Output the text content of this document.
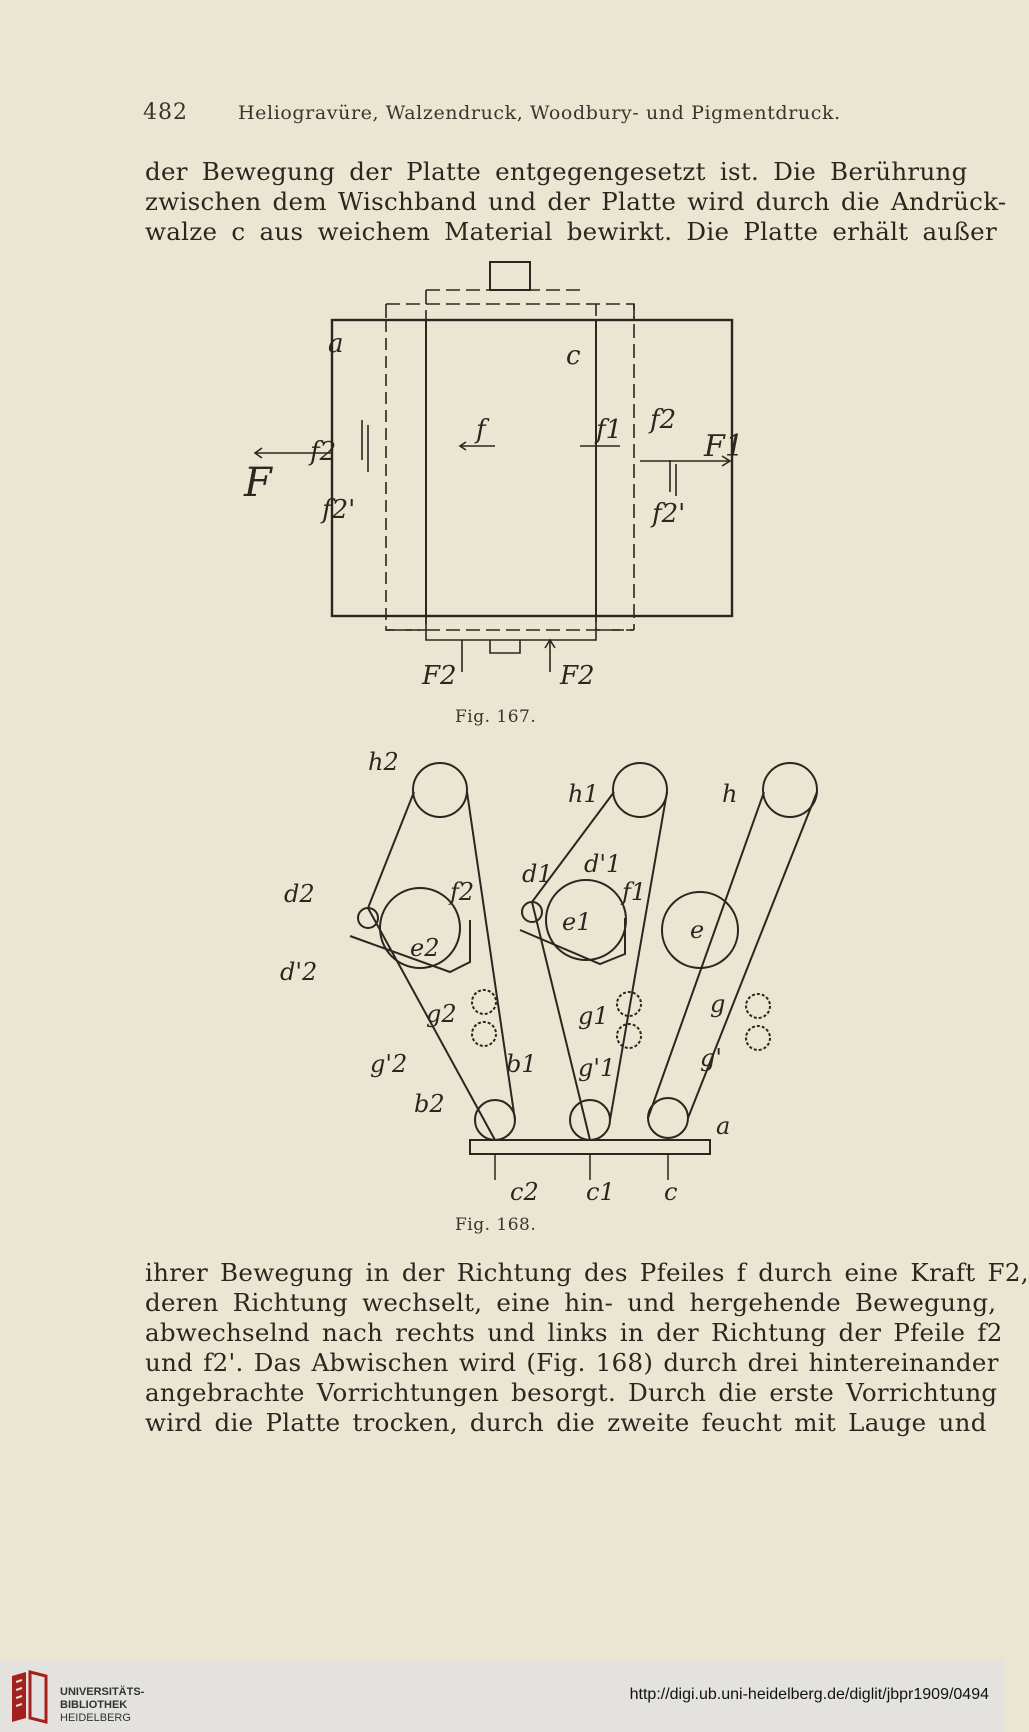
482	Heliogravüre, Walzendruck, Woodbury- und Pigmentdruck.
der Bewegung der Platte entgegengesetzt ist. Die Berührung
zwischen dem Wischband und der Platte wird durch die Andrück-
walze c aus weichem Material bewirkt. Die Platte erhält außer
a	c
f	f1 f2
f2
f2'	f2'
F
F1
F2	F2
Fig. 167.
h2
h1	h
d2
d'2
f2
e2
d1 d'1
f1
e1	e
g2
g'2
g1
g'1
g
g'
b1
b2
a
c2 c1 c
Fig. 168.
ihrer Bewegung in der Richtung des Pfeiles f durch eine Kraft F2,
deren Richtung wechselt, eine hin- und hergehende Bewegung,
abwechselnd nach rechts und links in der Richtung der Pfeile f2
und f2'. Das Abwischen wird (Fig. 168) durch drei hintereinander
angebrachte Vorrichtungen besorgt. Durch die erste Vorrichtung
wird die Platte trocken, durch die zweite feucht mit Lauge und
UNIVERSITÄTS-
BIBLIOTHEK
HEIDELBERG
http://digi.ub.uni-heidelberg.de/diglit/jbpr1909/0494
